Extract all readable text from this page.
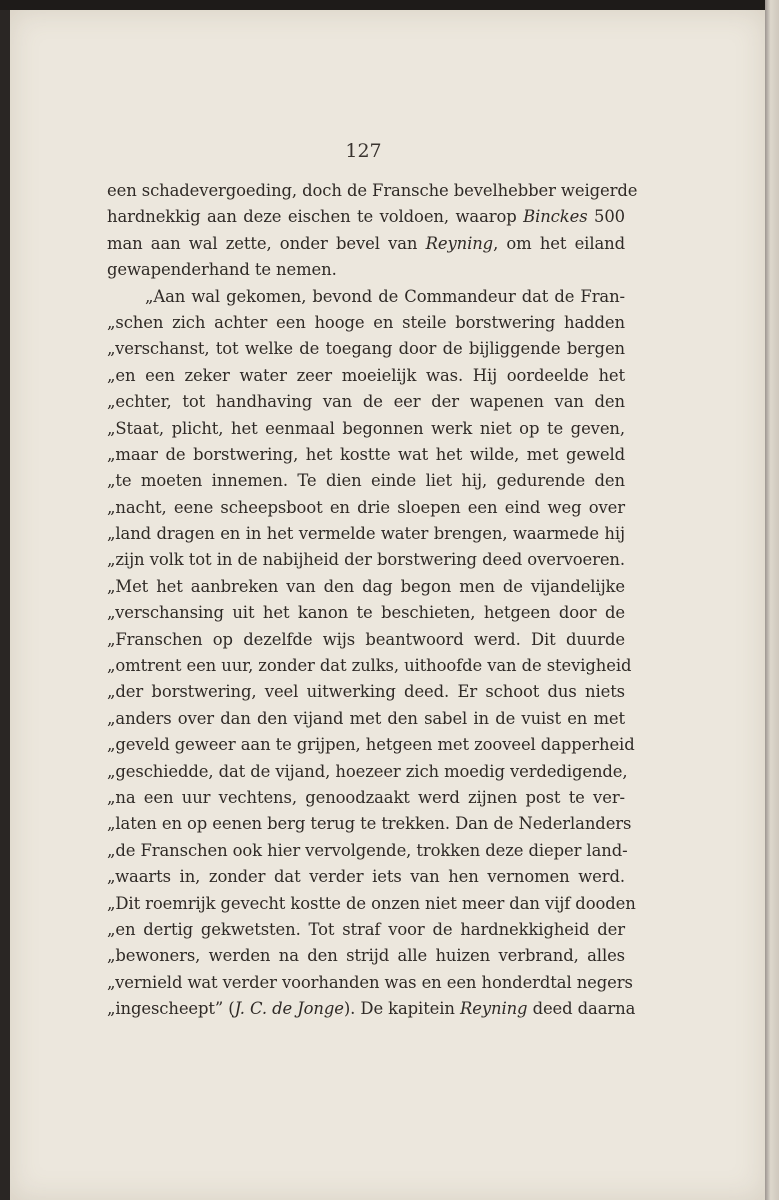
127
een schadevergoeding, doch de Fransche bevelhebber weigerde
hardnekkig aan deze eischen te voldoen, waarop Binckes 500
man aan wal zette, onder bevel van Reyning, om het eiland
gewapenderhand te nemen.
„Aan wal gekomen, bevond de Commandeur dat de Fran-
„schen zich achter een hooge en steile borstwering hadden
„verschanst, tot welke de toegang door de bijliggende bergen
„en een zeker water zeer moeielijk was. Hij oordeelde het
„echter, tot handhaving van de eer der wapenen van den
„Staat, plicht, het eenmaal begonnen werk niet op te geven,
„maar de borstwering, het kostte wat het wilde, met geweld
„te moeten innemen. Te dien einde liet hij, gedurende den
„nacht, eene scheepsboot en drie sloepen een eind weg over
„land dragen en in het vermelde water brengen, waarmede hij
„zijn volk tot in de nabijheid der borstwering deed overvoeren.
„Met het aanbreken van den dag begon men de vijandelijke
„verschansing uit het kanon te beschieten, hetgeen door de
„Franschen op dezelfde wijs beantwoord werd. Dit duurde
„omtrent een uur, zonder dat zulks, uithoofde van de stevigheid
„der borstwering, veel uitwerking deed. Er schoot dus niets
„anders over dan den vijand met den sabel in de vuist en met
„geveld geweer aan te grijpen, hetgeen met zooveel dapperheid
„geschiedde, dat de vijand, hoezeer zich moedig verdedigende,
„na een uur vechtens, genoodzaakt werd zijnen post te ver-
„laten en op eenen berg terug te trekken. Dan de Nederlanders
„de Franschen ook hier vervolgende, trokken deze dieper land-
„waarts in, zonder dat verder iets van hen vernomen werd.
„Dit roemrijk gevecht kostte de onzen niet meer dan vijf dooden
„en dertig gekwetsten. Tot straf voor de hardnekkigheid der
„bewoners, werden na den strijd alle huizen verbrand, alles
„vernield wat verder voorhanden was en een honderdtal negers
„ingescheept” (J. C. de Jonge). De kapitein Reyning deed daarna
